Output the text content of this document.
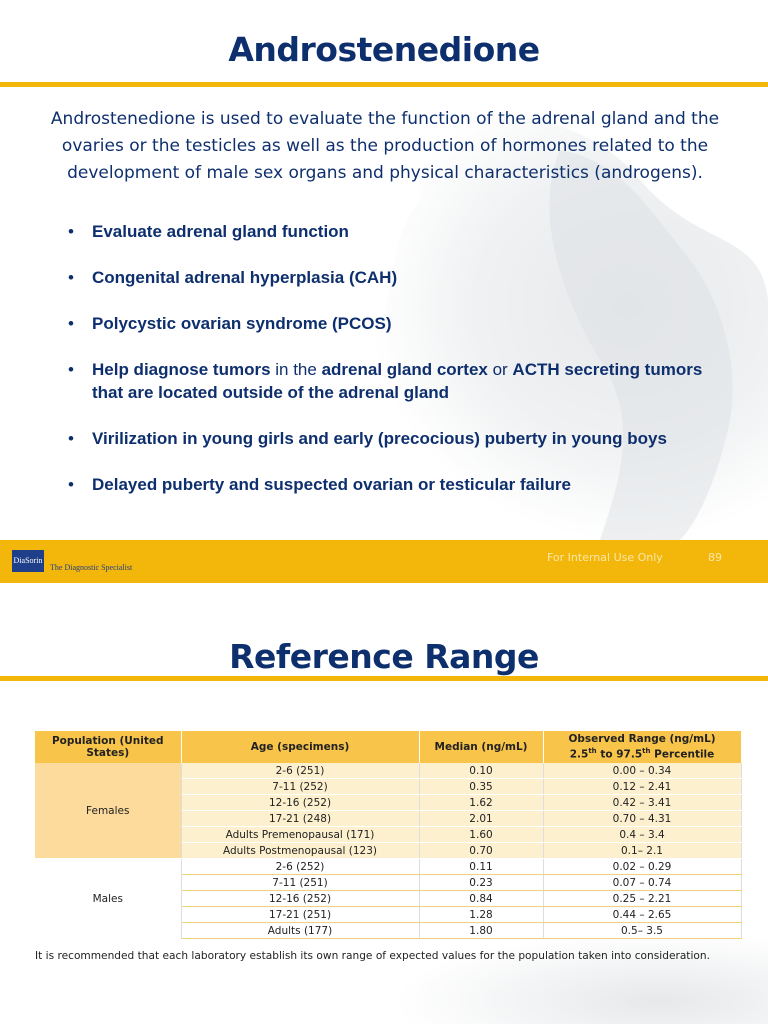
Androstenedione
Androstenedione is used to evaluate the function of the adrenal gland and the ovaries or the testicles as well as the production of hormones related to the development of male sex organs and physical characteristics (androgens).
• Evaluate adrenal gland function
• Congenital adrenal hyperplasia (CAH)
• Polycystic ovarian syndrome (PCOS)
• Help diagnose tumors in the adrenal gland cortex or ACTH secreting tumors that are located outside of the adrenal gland
• Virilization in young girls and early (precocious) puberty in young boys
• Delayed puberty and suspected ovarian or testicular failure
DiaSorin
The Diagnostic Specialist
For Internal Use Only	89
Reference Range
Population (United States)	Age (specimens)	Median (ng/mL)	Observed Range (ng/mL)
2.5th to 97.5th Percentile
Females	2-6 (251)	0.10	0.00 – 0.34
	7-11 (252)	0.35	0.12 – 2.41
	12-16 (252)	1.62	0.42 – 3.41
	17-21 (248)	2.01	0.70 – 4.31
	Adults Premenopausal (171)	1.60	0.4 – 3.4
	Adults Postmenopausal (123)	0.70	0.1– 2.1
Males	2-6 (252)	0.11	0.02 – 0.29
	7-11 (251)	0.23	0.07 – 0.74
	12-16 (252)	0.84	0.25 – 2.21
	17-21 (251)	1.28	0.44 – 2.65
	Adults (177)	1.80	0.5– 3.5
It is recommended that each laboratory establish its own range of expected values for the population taken into consideration.
